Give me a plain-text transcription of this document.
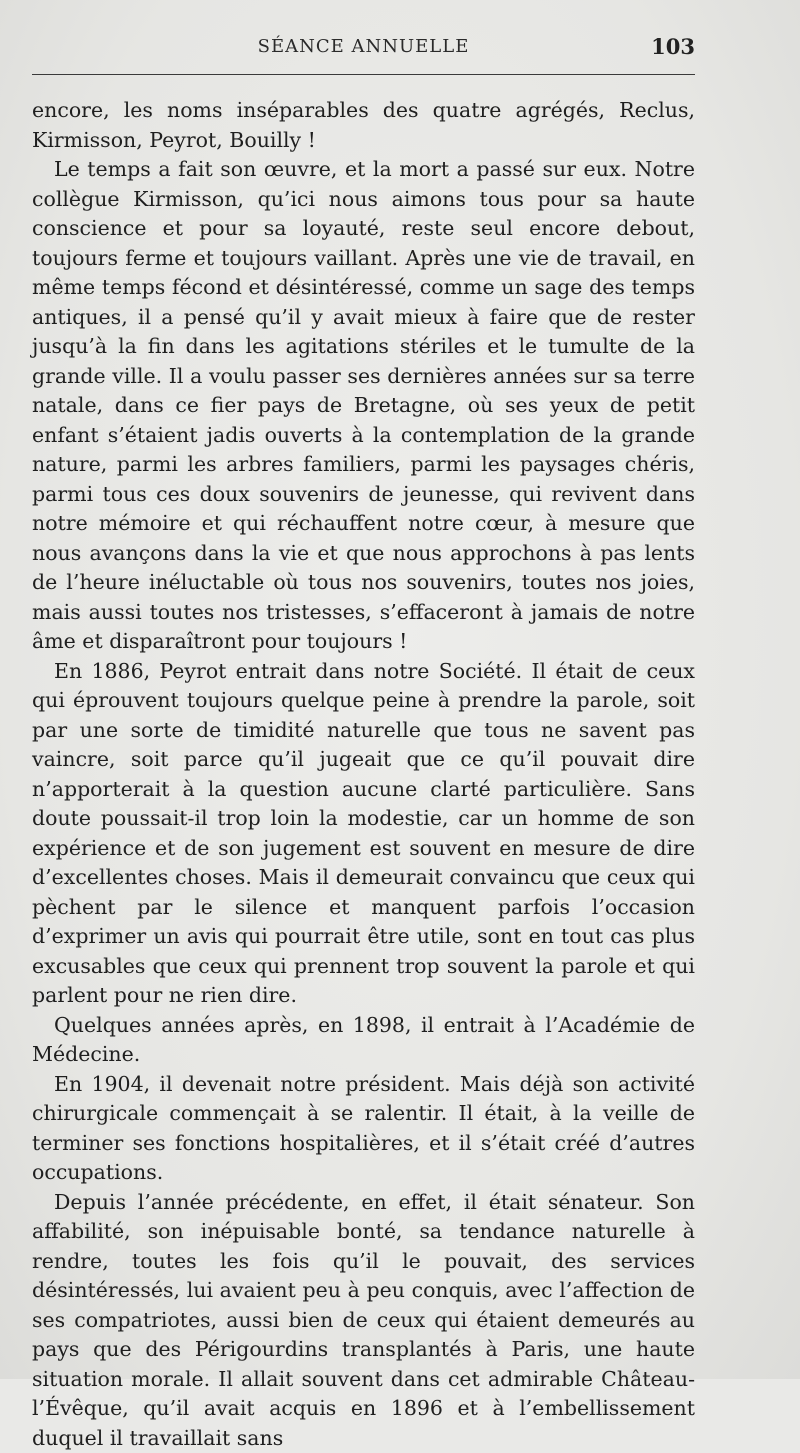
SÉANCE ANNUELLE	103

encore, les noms inséparables des quatre agrégés, Reclus, Kirmisson, Peyrot, Bouilly !

Le temps a fait son œuvre, et la mort a passé sur eux. Notre collègue Kirmisson, qu’ici nous aimons tous pour sa haute conscience et pour sa loyauté, reste seul encore debout, toujours ferme et toujours vaillant. Après une vie de travail, en même temps fécond et désintéressé, comme un sage des temps antiques, il a pensé qu’il y avait mieux à faire que de rester jusqu’à la fin dans les agitations stériles et le tumulte de la grande ville. Il a voulu passer ses dernières années sur sa terre natale, dans ce fier pays de Bretagne, où ses yeux de petit enfant s’étaient jadis ouverts à la contemplation de la grande nature, parmi les arbres familiers, parmi les paysages chéris, parmi tous ces doux souvenirs de jeunesse, qui revivent dans notre mémoire et qui réchauffent notre cœur, à mesure que nous avançons dans la vie et que nous approchons à pas lents de l’heure inéluctable où tous nos souvenirs, toutes nos joies, mais aussi toutes nos tristesses, s’effaceront à jamais de notre âme et disparaîtront pour toujours !

En 1886, Peyrot entrait dans notre Société. Il était de ceux qui éprouvent toujours quelque peine à prendre la parole, soit par une sorte de timidité naturelle que tous ne savent pas vaincre, soit parce qu’il jugeait que ce qu’il pouvait dire n’apporterait à la question aucune clarté particulière. Sans doute poussait-il trop loin la modestie, car un homme de son expérience et de son jugement est souvent en mesure de dire d’excellentes choses. Mais il demeurait convaincu que ceux qui pèchent par le silence et manquent parfois l’occasion d’exprimer un avis qui pourrait être utile, sont en tout cas plus excusables que ceux qui prennent trop souvent la parole et qui parlent pour ne rien dire.

Quelques années après, en 1898, il entrait à l’Académie de Médecine.

En 1904, il devenait notre président. Mais déjà son activité chirurgicale commençait à se ralentir. Il était, à la veille de terminer ses fonctions hospitalières, et il s’était créé d’autres occupations.

Depuis l’année précédente, en effet, il était sénateur. Son affabilité, son inépuisable bonté, sa tendance naturelle à rendre, toutes les fois qu’il le pouvait, des services désintéressés, lui avaient peu à peu conquis, avec l’affection de ses compatriotes, aussi bien de ceux qui étaient demeurés au pays que des Périgourdins transplantés à Paris, une haute situation morale. Il allait souvent dans cet admirable Château-l’Évêque, qu’il avait acquis en 1896 et à l’embellissement duquel il travaillait sans
